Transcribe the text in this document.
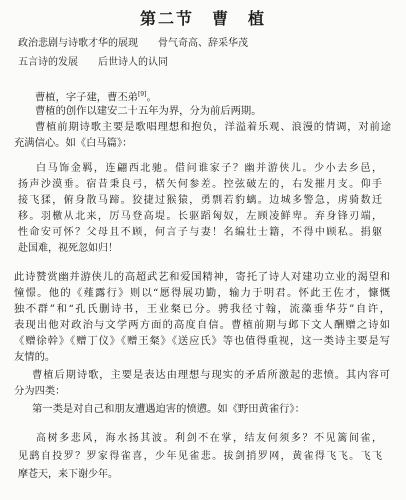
第二节　曹　植
政治悲剧与诗歌才华的展现　　骨气奇高、辞采华茂
五言诗的发展　　后世诗人的认同
曹植，字子建，曹丕弟[9]。
曹植的创作以建安二十五年为界，分为前后两期。
曹植前期诗歌主要是歌唱理想和抱负，洋溢着乐观、浪漫的情调，对前途
充满信心。如《白马篇》：
白马饰金羁，连翩西北驰。借问谁家子？幽并游侠儿。少小去乡邑，
扬声沙漠垂。宿昔秉良弓，楛矢何参差。控弦破左的，右发摧月支。仰手
接飞猱，俯身散马蹄。狡捷过猴猿，勇剽若豹螭。边城多警急，虏骑数迁
移。羽檄从北来，厉马登高堤。长驱蹈匈奴，左顾凌鲜卑。弃身锋刃端，
性命安可怀？父母且不顾，何言子与妻！名编壮士籍，不得中顾私。捐躯
赴国难，视死忽如归！
此诗赞赏幽并游侠儿的高超武艺和爱国精神，寄托了诗人对建功立业的渴望和
憧憬。他的《薤露行》则以“愿得展功勤，输力于明君。怀此王佐才，慷慨
独不群”和“孔氏删诗书，王业粲已分。骋我径寸翰，流藻垂华芬”自许，
表现出他对政治与文学两方面的高度自信。曹植前期与邺下文人酬赠之诗如
《赠徐幹》《赠丁仪》《赠王粲》《送应氏》等也值得重视，这一类诗主要是写
友情的。
曹植后期诗歌，主要是表达由理想与现实的矛盾所激起的悲愤。其内容可
分为四类：
第一类是对自己和朋友遭遇迫害的愤懑。如《野田黄雀行》：
高树多悲风，海水扬其波。利剑不在掌，结友何须多？不见篱间雀，
见鹞自投罗？罗家得雀喜，少年见雀悲。拔剑捎罗网，黄雀得飞飞。飞飞
摩苍天，来下谢少年。
